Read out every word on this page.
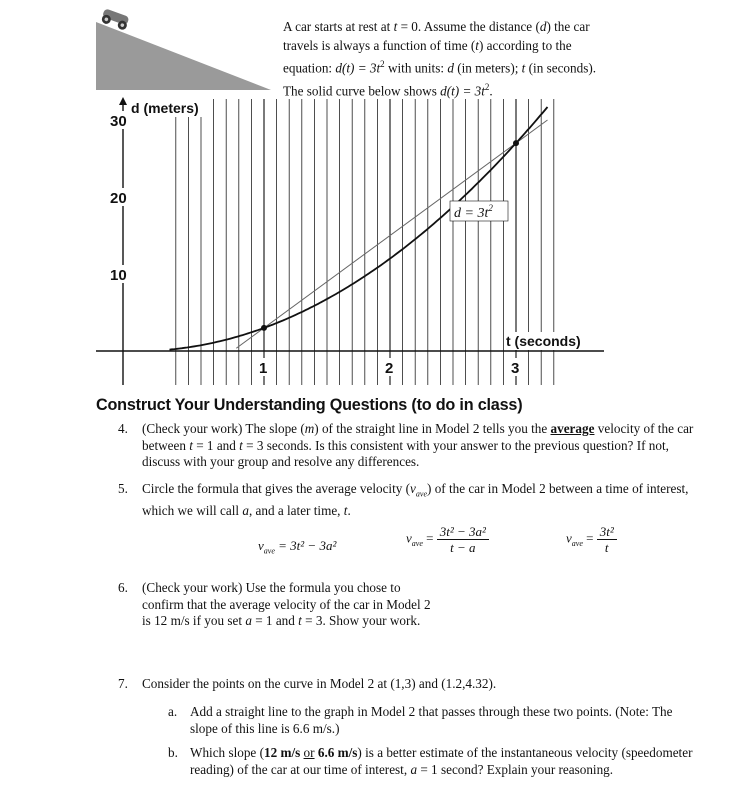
A car starts at rest at t = 0. Assume the distance (d) the car travels is always a function of time (t) according to the equation: $d(t) = 3t^2$ with units: d (in meters); t (in seconds). The solid curve below shows $d(t) = 3t^2$.
d (meters)
t (seconds)
1	2	3
10
20
30
$d = 3t^2$
Construct Your Understanding Questions (to do in class)
4. (Check your work) The slope (m) of the straight line in Model 2 tells you the average velocity of the car between t = 1 and t = 3 seconds. Is this consistent with your answer to the previous question? If not, discuss with your group and resolve any differences.
5. Circle the formula that gives the average velocity $(v_{ave})$ of the car in Model 2 between a time of interest, which we will call a, and a later time, t.
$v_{ave} = 3t^2 - 3a^2$
$v_{ave} = \frac{\text{3t² − 3a²}}{t - a}$	$v_{ave} = \frac{\text{3t²}}{t}$
6. (Check your work) Use the formula you chose to confirm that the average velocity of the car in Model 2 is 12 m/s if you set a = 1 and t = 3. Show your work.
7. Consider the points on the curve in Model 2 at (1,3) and (1.2,4.32).
a. Add a straight line to the graph in Model 2 that passes through these two points. (Note: The slope of this line is 6.6 m/s.)
b. Which slope (12 m/s or 6.6 m/s) is a better estimate of the instantaneous velocity (speedometer reading) of the car at our time of interest, a = 1 second? Explain your reasoning.
